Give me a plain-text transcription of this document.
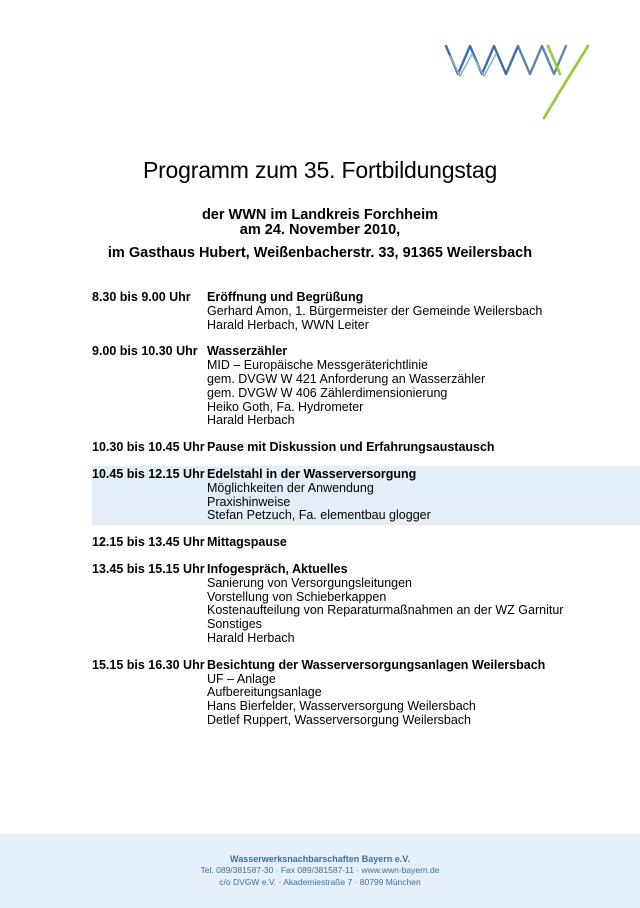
Programm zum 35. Fortbildungstag
der WWN im Landkreis Forchheim
am 24. November 2010,
im Gasthaus Hubert, Weißenbacherstr. 33, 91365 Weilersbach
8.30 bis 9.00 Uhr	Eröffnung und Begrüßung
Gerhard Amon, 1. Bürgermeister der Gemeinde Weilersbach
Harald Herbach, WWN Leiter
9.00 bis 10.30 Uhr Wasserzähler
MID – Europäische Messgeräterichtlinie
gem. DVGW W 421 Anforderung an Wasserzähler
gem. DVGW W 406 Zählerdimensionierung
Heiko Goth, Fa. Hydrometer
Harald Herbach
10.30 bis 10.45 Uhr Pause mit Diskussion und Erfahrungsaustausch
10.45 bis 12.15 Uhr Edelstahl in der Wasserversorgung
Möglichkeiten der Anwendung
Praxishinweise
Stefan Petzuch, Fa. elementbau glogger
12.15 bis 13.45 Uhr Mittagspause
13.45 bis 15.15 Uhr Infogespräch, Aktuelles
Sanierung von Versorgungsleitungen
Vorstellung von Schieberkappen
Kostenaufteilung von Reparaturmaßnahmen an der WZ Garnitur
Sonstiges
Harald Herbach
15.15 bis 16.30 Uhr Besichtung der Wasserversorgungsanlagen Weilersbach
UF – Anlage
Aufbereitungsanlage
Hans Bierfelder, Wasserversorgung Weilersbach
Detlef Ruppert, Wasserversorgung Weilersbach
Wasserwerksnachbarschaften Bayern e.V.
Tel. 089/381587-30 · Fax 089/381587-11 · www.wwn-bayern.de
c/o DVGW e.V. · Akademiestraße 7 · 80799 München
